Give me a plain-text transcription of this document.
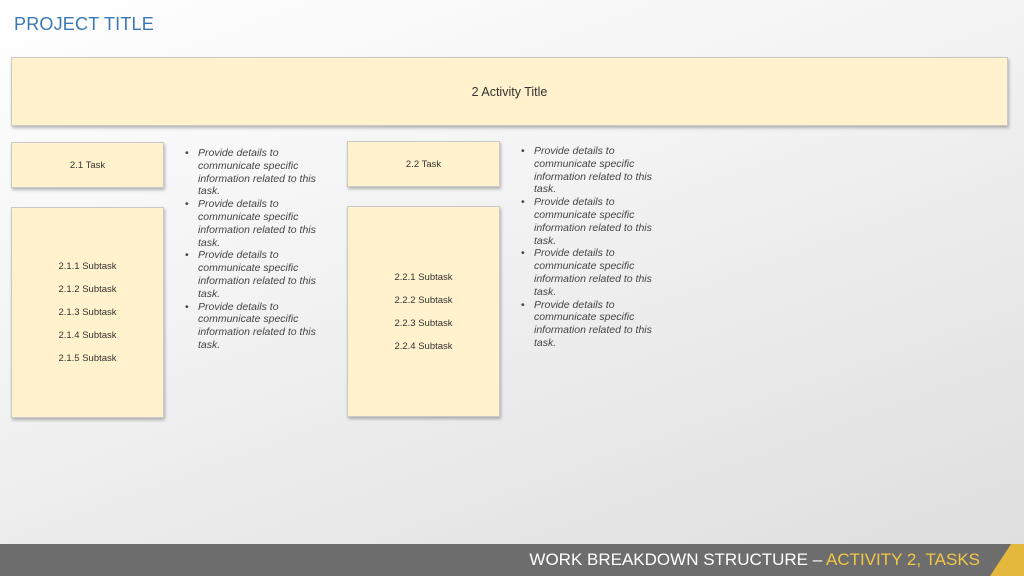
PROJECT TITLE
2 Activity Title
2.1 Task
• Provide details to communicate specific information related to this task.
• Provide details to communicate specific information related to this task.
• Provide details to communicate specific information related to this task.
• Provide details to communicate specific information related to this task.
2.1.1 Subtask
2.1.2 Subtask
2.1.3 Subtask
2.1.4 Subtask
2.1.5 Subtask
2.2 Task
• Provide details to communicate specific information related to this task.
• Provide details to communicate specific information related to this task.
• Provide details to communicate specific information related to this task.
• Provide details to communicate specific information related to this task.
2.2.1 Subtask
2.2.2 Subtask
2.2.3 Subtask
2.2.4 Subtask
WORK BREAKDOWN STRUCTURE – ACTIVITY 2, TASKS
